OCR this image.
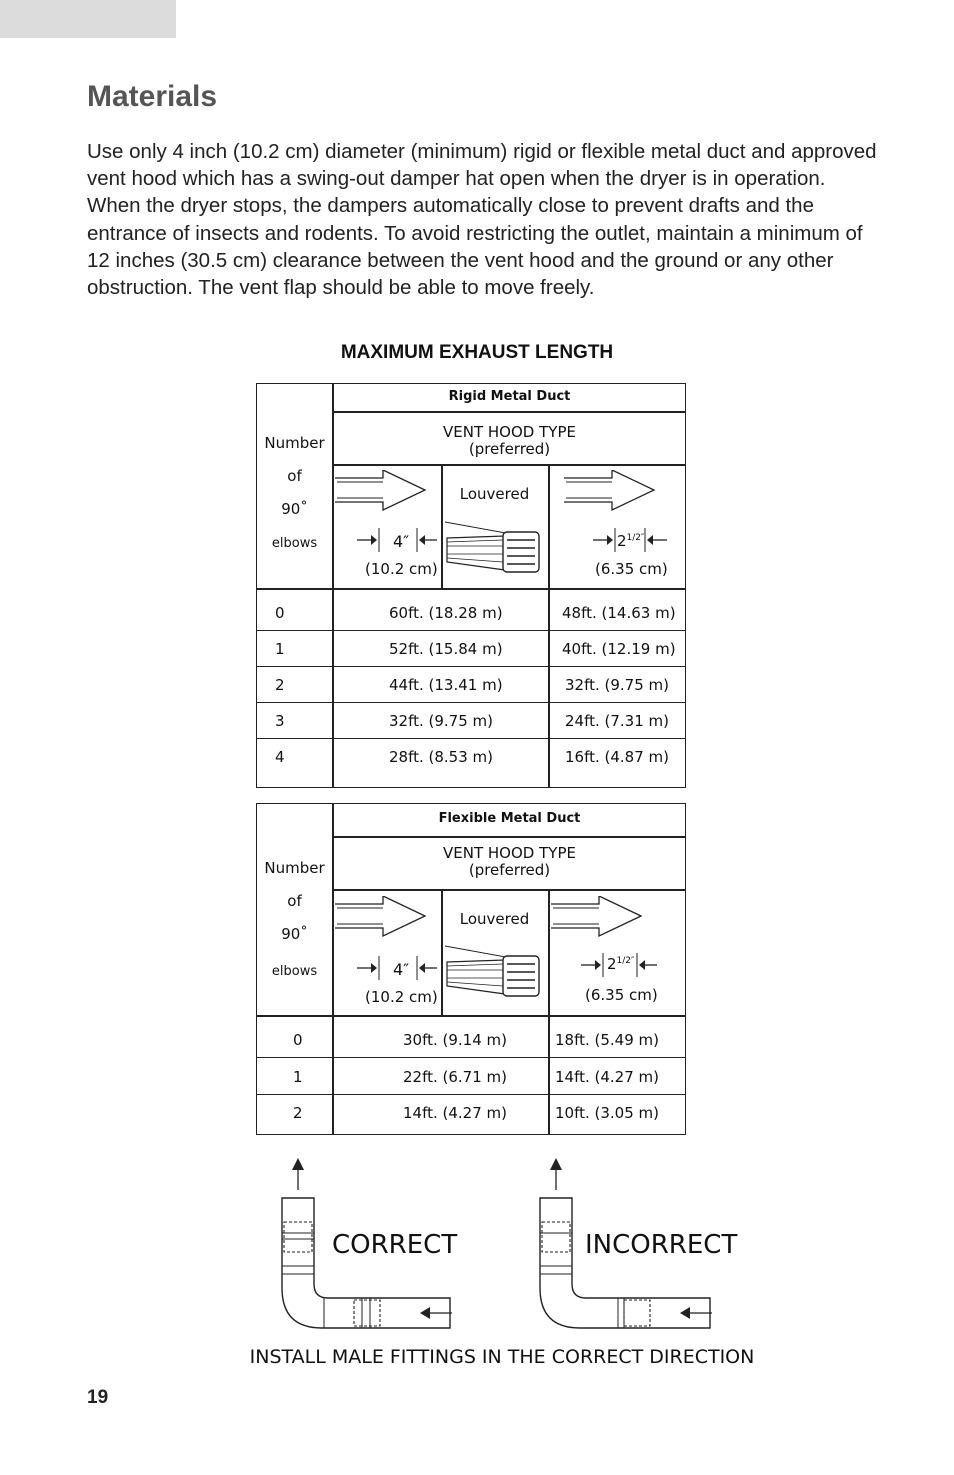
Materials

Use only 4 inch (10.2 cm) diameter (minimum) rigid or flexible metal duct and approved vent hood which has a swing-out damper hat open when the dryer is in operation. When the dryer stops, the dampers automatically close to prevent drafts and the entrance of insects and rodents. To avoid restricting the outlet, maintain a minimum of 12 inches (30.5 cm) clearance between the vent hood and the ground or any other obstruction. The vent flap should be able to move freely.

MAXIMUM EXHAUST LENGTH
Rigid Metal Duct
VENT HOOD TYPE
(preferred)
Number
of
90˚
elbows	4″
(10.2 cm)
Louvered
$2^{1/2''}$
(6.35 cm)
0	60ft. (18.28 m)	48ft. (14.63 m)
1	52ft. (15.84 m)	40ft. (12.19 m)
2	44ft. (13.41 m)	32ft. (9.75 m)
3	32ft. (9.75 m)	24ft. (7.31 m)
4	28ft. (8.53 m)	16ft. (4.87 m)
Flexible Metal Duct
VENT HOOD TYPE
(preferred)
Number
of
90˚
elbows	4″
(10.2 cm)
Louvered
$2^{1/2''}$
(6.35 cm)
0	30ft. (9.14 m)	18ft. (5.49 m)
1	22ft. (6.71 m)	14ft. (4.27 m)
2	14ft. (4.27 m)	10ft. (3.05 m)
CORRECT	INCORRECT
INSTALL MALE FITTINGS IN THE CORRECT DIRECTION
19
